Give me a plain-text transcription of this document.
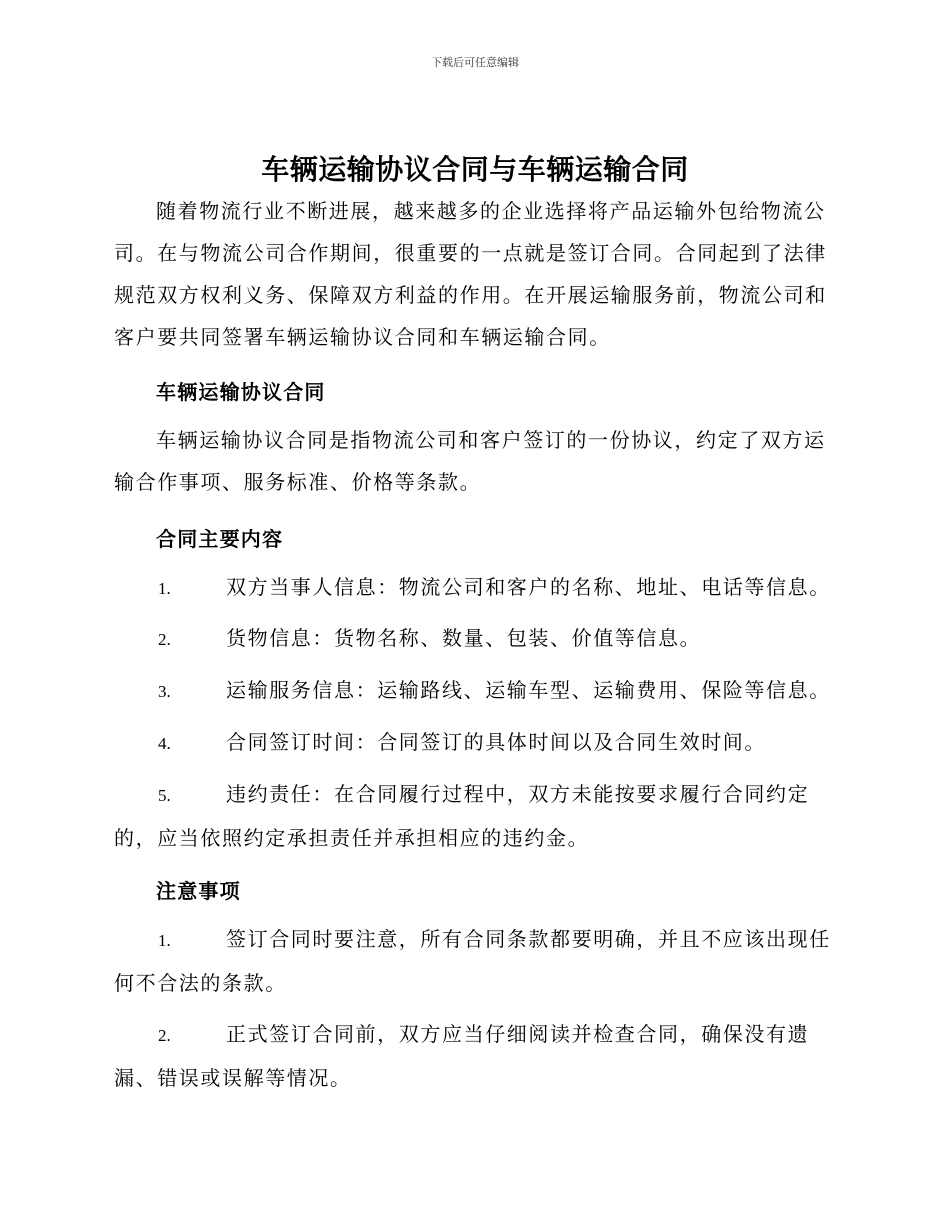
下载后可任意编辑
车辆运输协议合同与车辆运输合同

随着物流行业不断进展，越来越多的企业选择将产品运输外包给物流公司。在与物流公司合作期间，很重要的一点就是签订合同。合同起到了法律规范双方权利义务、保障双方利益的作用。在开展运输服务前，物流公司和客户要共同签署车辆运输协议合同和车辆运输合同。

车辆运输协议合同

车辆运输协议合同是指物流公司和客户签订的一份协议，约定了双方运输合作事项、服务标准、价格等条款。

合同主要内容

1.	双方当事人信息：物流公司和客户的名称、地址、电话等信息。

2.	货物信息：货物名称、数量、包装、价值等信息。

3.	运输服务信息：运输路线、运输车型、运输费用、保险等信息。

4.	合同签订时间：合同签订的具体时间以及合同生效时间。

5.	违约责任：在合同履行过程中，双方未能按要求履行合同约定的，应当依照约定承担责任并承担相应的违约金。

注意事项

1.	签订合同时要注意，所有合同条款都要明确，并且不应该出现任何不合法的条款。

2.	正式签订合同前，双方应当仔细阅读并检查合同，确保没有遗漏、错误或误解等情况。
